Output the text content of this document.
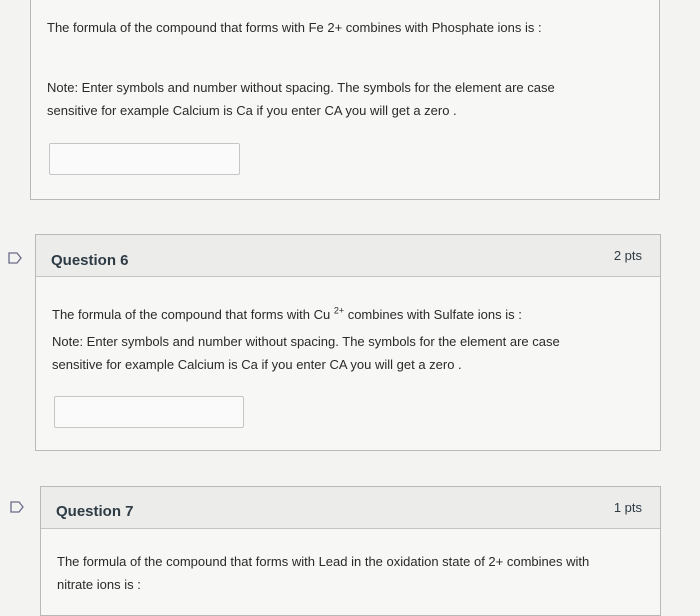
The formula of the compound that forms with Fe 2+ combines with Phosphate ions is :
Note: Enter symbols and number without spacing. The symbols for the element are case
sensitive for example Calcium is Ca if you enter CA you will get a zero .
Question 6	2 pts
The formula of the compound that forms with Cu $^{2+}$ combines with Sulfate ions is :
Note: Enter symbols and number without spacing. The symbols for the element are case
sensitive for example Calcium is Ca if you enter CA you will get a zero .
Question 7	1 pts
The formula of the compound that forms with Lead in the oxidation state of 2+ combines with
nitrate ions is :
